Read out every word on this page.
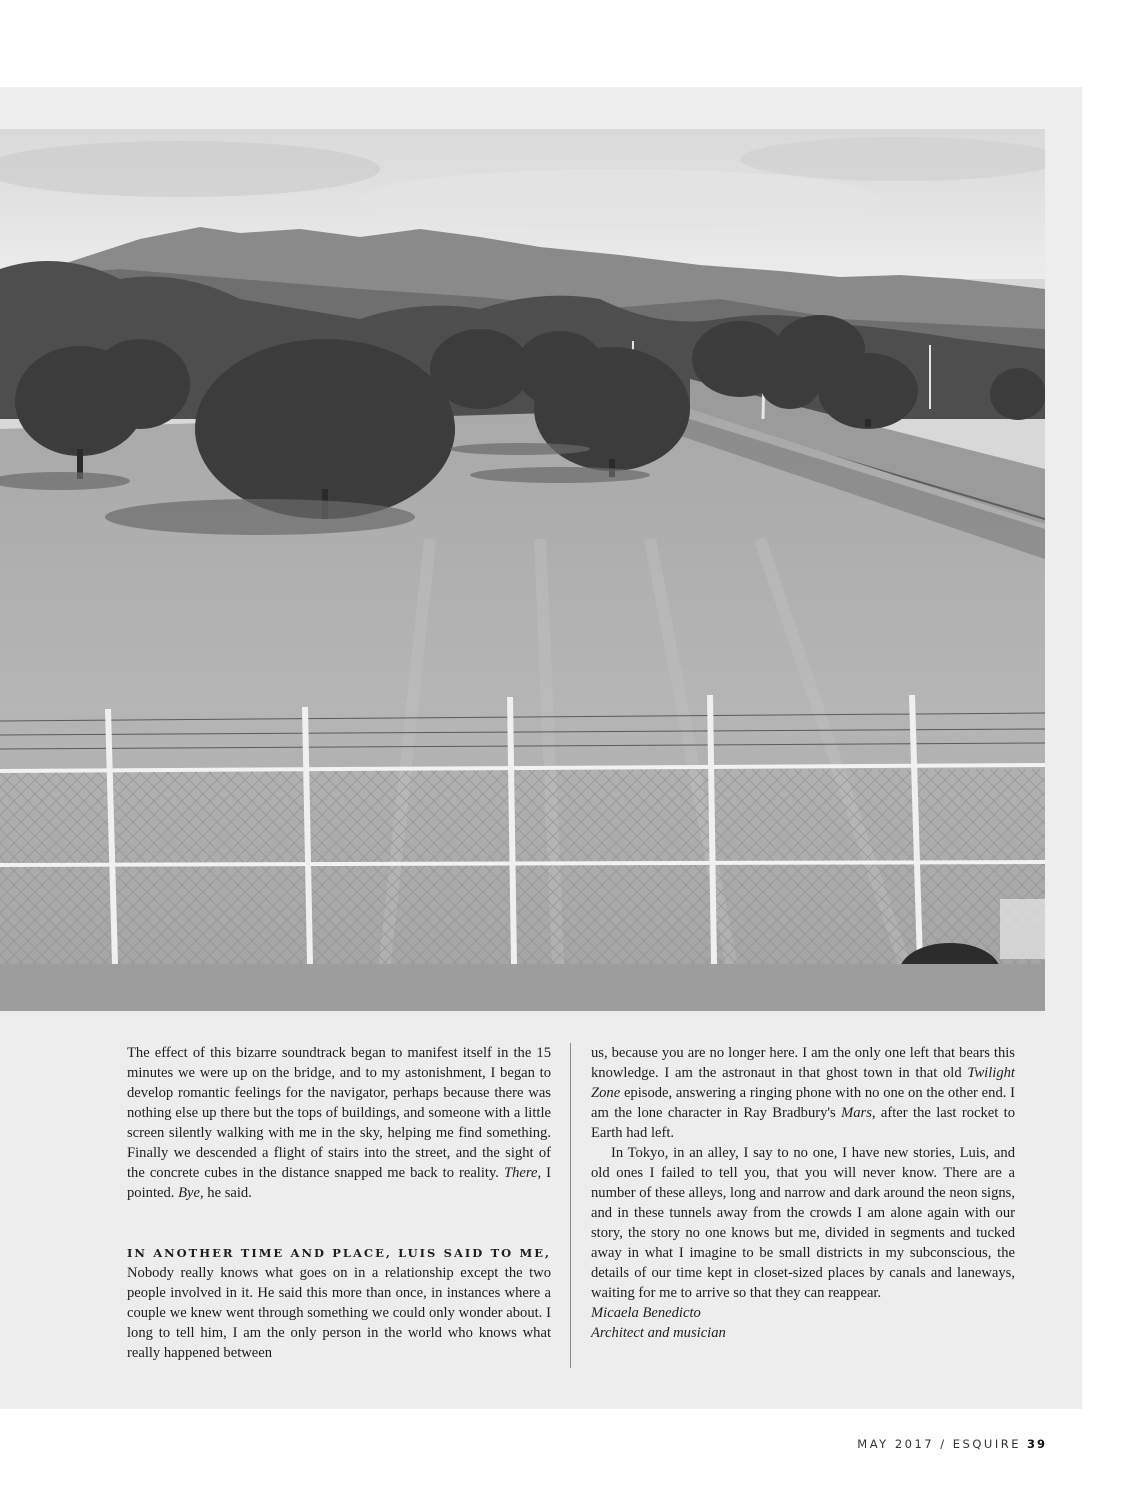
The effect of this bizarre soundtrack began to manifest itself in the 15 minutes we were up on the bridge, and to my astonishment, I began to develop romantic feelings for the navigator, perhaps because there was nothing else up there but the tops of buildings, and someone with a little screen silently walking with me in the sky, helping me find something. Finally we descended a flight of stairs into the street, and the sight of the concrete cubes in the distance snapped me back to reality. There, I pointed. Bye, he said.

IN ANOTHER TIME AND PLACE, LUIS SAID TO ME, Nobody really knows what goes on in a relationship except the two people involved in it. He said this more than once, in instances where a couple we knew went through something we could only wonder about. I long to tell him, I am the only person in the world who knows what really happened between

us, because you are no longer here. I am the only one left that bears this knowledge. I am the astronaut in that ghost town in that old Twilight Zone episode, answering a ringing phone with no one on the other end. I am the lone character in Ray Bradbury's Mars, after the last rocket to Earth had left.

In Tokyo, in an alley, I say to no one, I have new stories, Luis, and old ones I failed to tell you, that you will never know. There are a number of these alleys, long and narrow and dark around the neon signs, and in these tunnels away from the crowds I am alone again with our story, the story no one knows but me, divided in segments and tucked away in what I imagine to be small districts in my subconscious, the details of our time kept in closet-sized places by canals and laneways, waiting for me to arrive so that they can reappear.

Micaela Benedicto
Architect and musician

MAY 2017 / ESQUIRE 39
